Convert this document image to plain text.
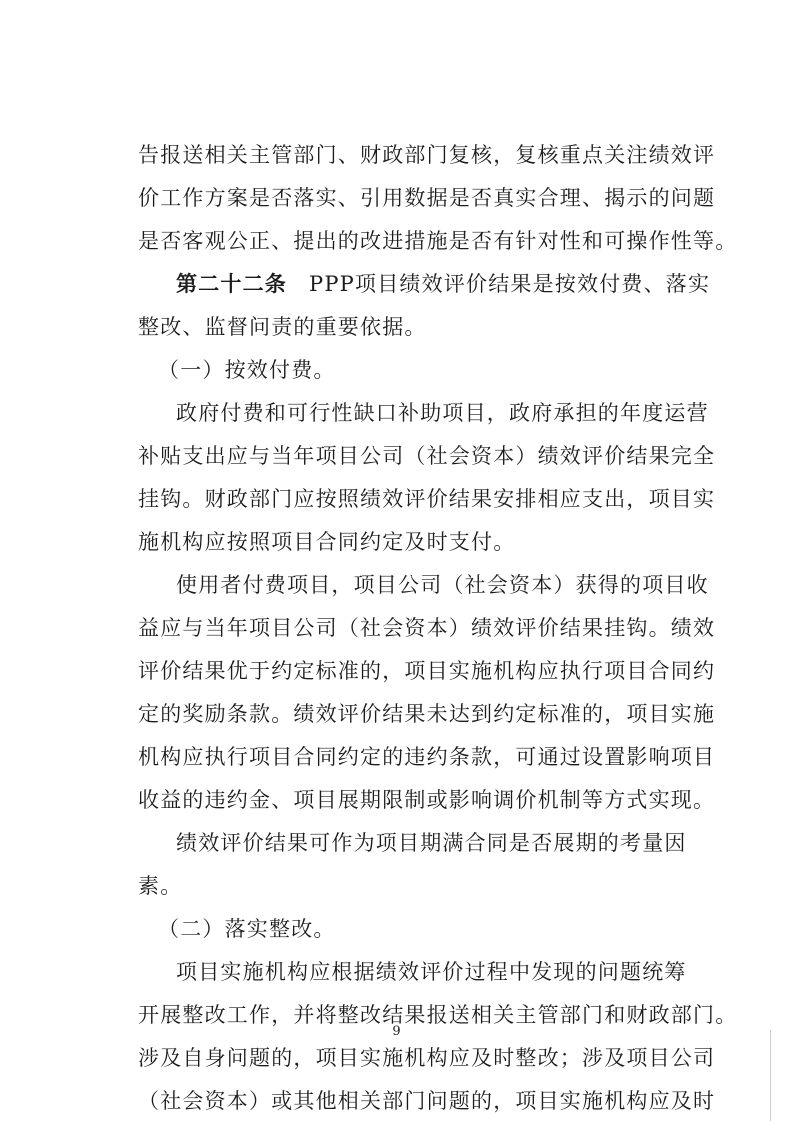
告报送相关主管部门、财政部门复核，复核重点关注绩效评
价工作方案是否落实、引用数据是否真实合理、揭示的问题
是否客观公正、提出的改进措施是否有针对性和可操作性等。
第二十二条 PPP项目绩效评价结果是按效付费、落实
整改、监督问责的重要依据。
（一）按效付费。
政府付费和可行性缺口补助项目，政府承担的年度运营
补贴支出应与当年项目公司（社会资本）绩效评价结果完全
挂钩。财政部门应按照绩效评价结果安排相应支出，项目实
施机构应按照项目合同约定及时支付。
使用者付费项目，项目公司（社会资本）获得的项目收
益应与当年项目公司（社会资本）绩效评价结果挂钩。绩效
评价结果优于约定标准的，项目实施机构应执行项目合同约
定的奖励条款。绩效评价结果未达到约定标准的，项目实施
机构应执行项目合同约定的违约条款，可通过设置影响项目
收益的违约金、项目展期限制或影响调价机制等方式实现。
绩效评价结果可作为项目期满合同是否展期的考量因
素。
（二）落实整改。
项目实施机构应根据绩效评价过程中发现的问题统筹
开展整改工作，并将整改结果报送相关主管部门和财政部门。
涉及自身问题的，项目实施机构应及时整改；涉及项目公司
（社会资本）或其他相关部门问题的，项目实施机构应及时
9
